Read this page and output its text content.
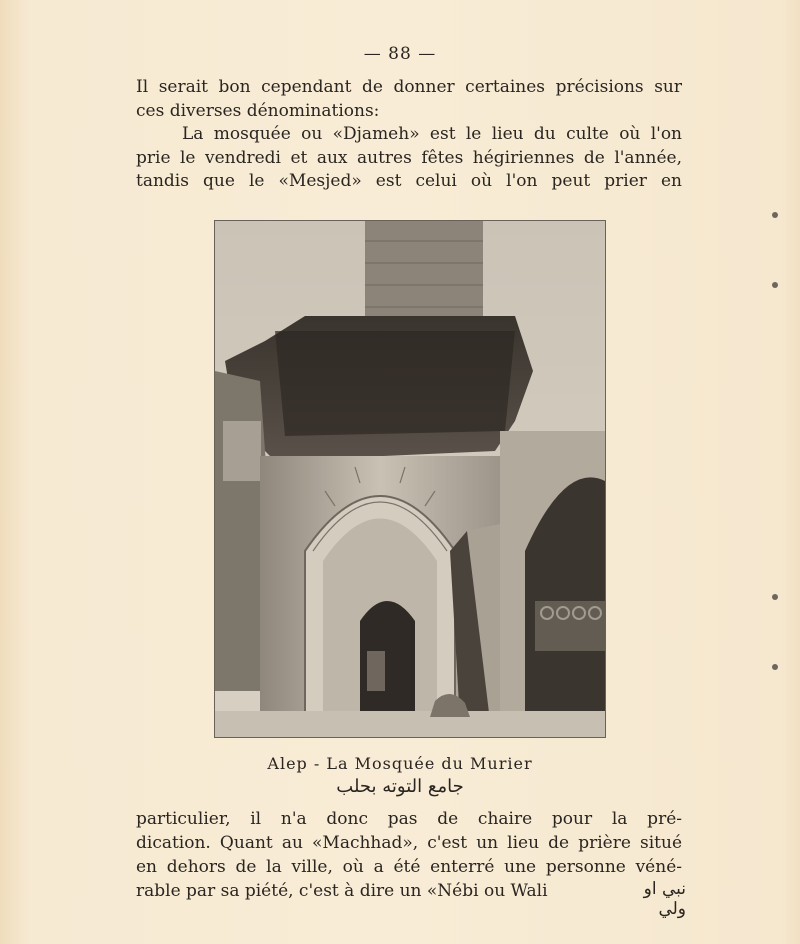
— 88 —
Il serait bon cependant de donner certaines précisions sur
ces diverses dénominations:
La mosquée ou «Djameh» est le lieu du culte où l'on
prie le vendredi et aux autres fêtes hégiriennes de l'année,
tandis que le «Mesjed» est celui où l'on peut prier en
Alep - La Mosquée du Murier
جامع التوته بحلب
particulier, il n'a donc pas de chaire pour la pré-
dication. Quant au «Machhad», c'est un lieu de prière situé
en dehors de la ville, où a été enterré une personne véné-
rable par sa piété, c'est à dire un «Nébi ou Wali	نبي او ولي
